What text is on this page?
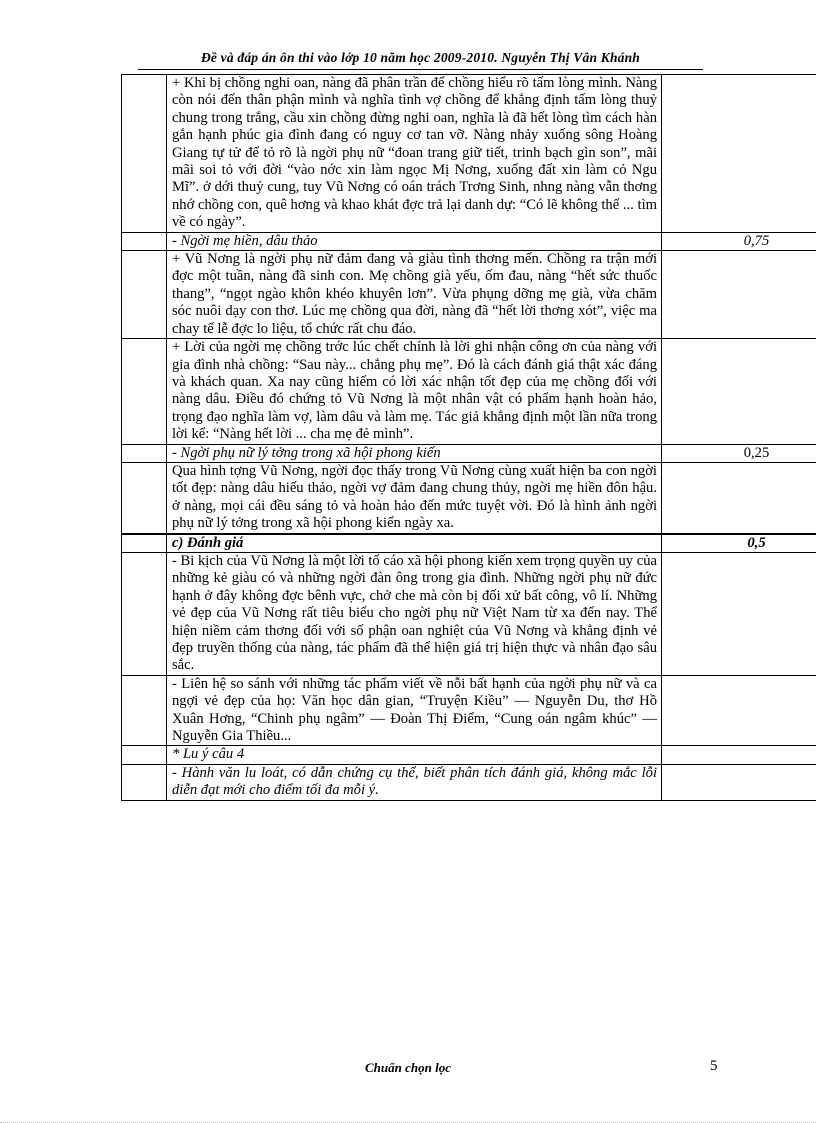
Đề và đáp án ôn thi vào lớp 10 năm học 2009-2010. Nguyễn Thị Vân Khánh

	+ Khi bị chồng nghi oan, nàng đã phân trần để chồng hiểu rõ tấm lòng mình. Nàng còn nói đến thân phận mình và nghĩa tình vợ chồng để khẳng định tấm lòng thuỷ chung trong trắng, cầu xin chồng đừng nghi oan, nghĩa là đã hết lòng tìm cách hàn gắn hạnh phúc gia đình đang có nguy cơ tan vỡ. Nàng nhảy xuống sông Hoàng Giang tự tử để tỏ rõ là ngời phụ nữ “đoan trang giữ tiết, trinh bạch gìn son”, mãi mãi soi tỏ với đời “vào nớc xin làm ngọc Mị Nơng, xuống đất xin làm cỏ Ngu Mĩ”. ở dới thuỷ cung, tuy Vũ Nơng có oán trách Trơng Sinh, nhng nàng vẫn thơng nhớ chồng con, quê hơng và khao khát đợc trả lại danh dự: “Có lẽ không thể ... tìm về có ngày”.	

	- Ngời mẹ hiền, dâu thảo	0,75

	+ Vũ Nơng là ngời phụ nữ đảm đang và giàu tình thơng mến. Chồng ra trận mới đợc một tuần, nàng đã sinh con. Mẹ chồng già yếu, ốm đau, nàng “hết sức thuốc thang”, “ngọt ngào khôn khéo khuyên lơn”. Vừa phụng dỡng mẹ già, vừa chăm sóc nuôi dạy con thơ. Lúc mẹ chồng qua đời, nàng đã “hết lời thơng xót”, việc ma chay tế lễ đợc lo liệu, tổ chức rất chu đáo.	

	+ Lời của ngời mẹ chồng trớc lúc chết chính là lời ghi nhận công ơn của nàng với gia đình nhà chồng: “Sau này... chẳng phụ mẹ”. Đó là cách đánh giá thật xác đáng và khách quan. Xa nay cũng hiếm có lời xác nhận tốt đẹp của mẹ chồng đối với nàng dâu. Điều đó chứng tỏ Vũ Nơng là một nhân vật có phẩm hạnh hoàn hảo, trọng đạo nghĩa làm vợ, làm dâu và làm mẹ. Tác giả khẳng định một lần nữa trong lời kể: “Nàng hết lời ... cha mẹ đẻ mình”.	

	- Ngời phụ nữ lý tởng trong xã hội phong kiến	0,25

	Qua hình tợng Vũ Nơng, ngời đọc thấy trong Vũ Nơng cùng xuất hiện ba con ngời tốt đẹp: nàng dâu hiếu thảo, ngời vợ đảm đang chung thủy, ngời mẹ hiền đôn hậu. ở nàng, mọi cái đều sáng tỏ và hoàn hảo đến mức tuyệt vời. Đó là hình ảnh ngời phụ nữ lý tởng trong xã hội phong kiến ngày xa.	

	c) Đánh giá	0,5

	- Bi kịch của Vũ Nơng là một lời tố cáo xã hội phong kiến xem trọng quyền uy của những kẻ giàu có và những ngời đàn ông trong gia đình. Những ngời phụ nữ đức hạnh ở đây không đợc bênh vực, chở che mà còn bị đối xử bất công, vô lí. Những vẻ đẹp của Vũ Nơng rất tiêu biểu cho ngời phụ nữ Việt Nam từ xa đến nay. Thể hiện niềm cảm thơng đối với số phận oan nghiệt của Vũ Nơng và khẳng định vẻ đẹp truyền thống của nàng, tác phẩm đã thể hiện giá trị hiện thực và nhân đạo sâu sắc.	

	- Liên hệ so sánh với những tác phẩm viết về nỗi bất hạnh của ngời phụ nữ và ca ngợi vẻ đẹp của họ: Văn học dân gian, “Truyện Kiều” — Nguyễn Du, thơ Hồ Xuân Hơng, “Chinh phụ ngâm” — Đoàn Thị Điểm, “Cung oán ngâm khúc” — Nguyễn Gia Thiều...	

	* Lu ý câu 4	

	- Hành văn lu loát, có dẫn chứng cụ thể, biết phân tích đánh giá, không mắc lỗi diễn đạt mới cho điểm tối đa mỗi ý.	

Chuẩn chọn lọc	5
